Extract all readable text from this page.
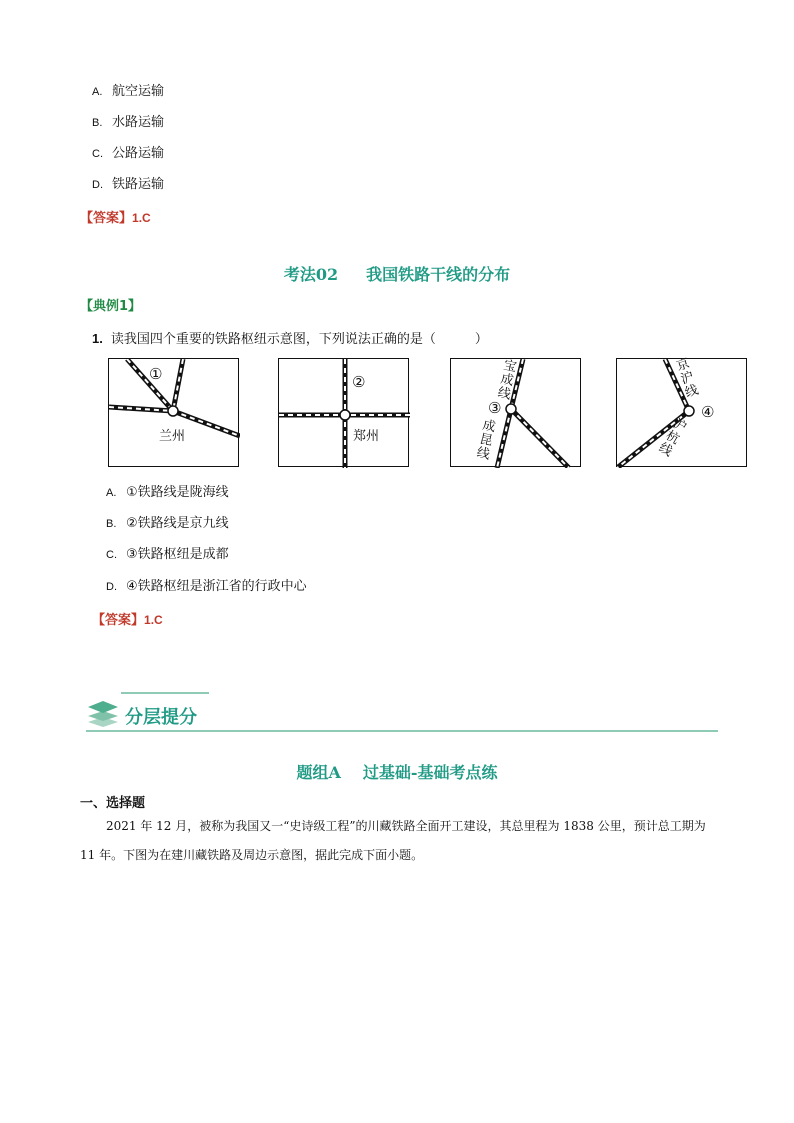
A. 航空运输
B. 水路运输
C. 公路运输
D. 铁路运输
【答案】1.C
考法02 我国铁路干线的分布
【典例1】
1. 读我国四个重要的铁路枢纽示意图，下列说法正确的是（　　　）
①
兰州
②
郑州
宝成线
③
成昆线
京沪线
④
沪杭线
A. ①铁路线是陇海线
B. ②铁路线是京九线
C. ③铁路枢纽是成都
D. ④铁路枢纽是浙江省的行政中心
【答案】1.C
分层提分
题组A 过基础-基础考点练
一、选择题
2021 年 12 月，被称为我国又一“史诗级工程”的川藏铁路全面开工建设，其总里程为 1838 公里，预计总工期为 11 年。下图为在建川藏铁路及周边示意图，据此完成下面小题。
